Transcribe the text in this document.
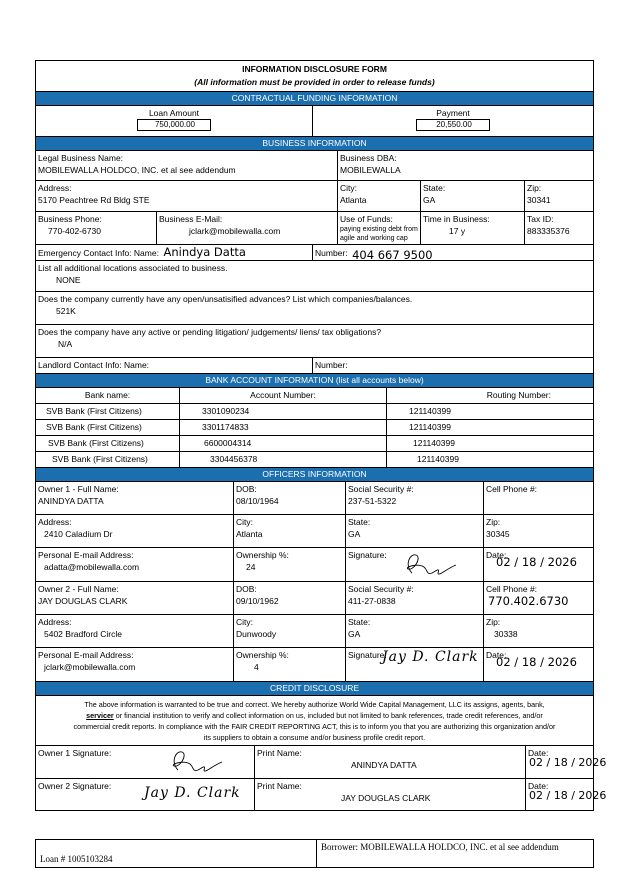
INFORMATION DISCLOSURE FORM
(All information must be provided in order to release funds)
CONTRACTUAL FUNDING INFORMATION
Loan Amount
750,000.00
Payment
20,550.00
BUSINESS INFORMATION
Legal Business Name:
MOBILEWALLA HOLDCO, INC. et al see addendum
Business DBA:
MOBILEWALLA
Address:
5170 Peachtree Rd Bldg STE
City:
Atlanta
State:
GA
Zip:
30341
Business Phone:
770-402-6730
Business E-Mail:
jclark@mobilewalla.com
Use of Funds:
paying existing debt from
agile and working cap
Time in Business:
17 y
Tax ID:
883335376
Emergency Contact Info: Name: Anindya Datta	Number: 404 667 9500
List all additional locations associated to business.
NONE
Does the company currently have any open/unsatisified advances? List which companies/balances.
521K
Does the company have any active or pending litigation/ judgements/ liens/ tax obligations?
N/A
Landlord Contact Info: Name:	Number:
BANK ACCOUNT INFORMATION (list all accounts below)
Bank name:	Account Number:	Routing Number:
SVB Bank (First Citizens)	3301090234	121140399
SVB Bank (First Citizens)	3301174833	121140399
SVB Bank (First Citizens)	6600004314	121140399
SVB Bank (First Citizens)	3304456378	121140399
OFFICERS INFORMATION
Owner 1 - Full Name:
ANINDYA DATTA
DOB:
08/10/1964
Social Security #:
237-51-5322
Cell Phone #:
Address:
2410 Caladium Dr
City:
Atlanta
State:
GA
Zip:
30345
Personal E-mail Address:
adatta@mobilewalla.com
Ownership %:
24
Signature:	Date:
02 / 18 / 2026
Owner 2 - Full Name:
JAY DOUGLAS CLARK
DOB:
09/10/1962
Social Security #:
411-27-0838
Cell Phone #:
770.402.6730
Address:
5402 Bradford Circle
City:
Dunwoody
State:
GA
Zip:
30338
Personal E-mail Address:
jclark@mobilewalla.com
Ownership %:
4
Signature:
Jay D. Clark Date:
02 / 18 / 2026
CREDIT DISCLOSURE
The above information is warranted to be true and correct. We hereby authorize World Wide Capital Management, LLC its assigns, agents, bank,
servicer or financial institution to verify and collect information on us, included but not limited to bank references, trade credit references, and/or
commercial credit reports. In compliance with the FAIR CREDIT REPORTING ACT, this is to inform you that you are authorizing this organization and/or
its suppliers to obtain a consume and/or business profile credit report.
Owner 1 Signature:	Print Name:
ANINDYA DATTA
Date:
02 / 18 / 2026
Owner 2 Signature: Jay D. Clark Print Name:
JAY DOUGLAS CLARK
Date:
02 / 18 / 2026
Loan # 1005103284
Borrower: MOBILEWALLA HOLDCO, INC. et al see addendum
